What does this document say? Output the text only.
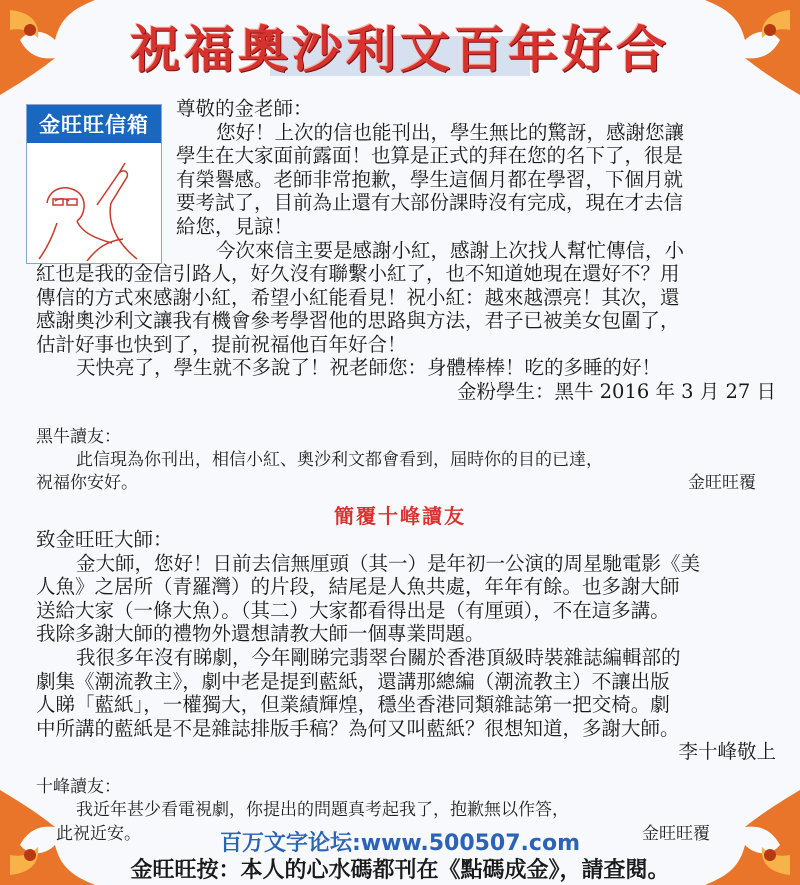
祝福奧沙利文百年好合
金旺旺信箱

尊敬的金老師：

您好！上次的信也能刊出，學生無比的驚訝，感謝您讓

學生在大家面前露面！也算是正式的拜在您的名下了，很是

有榮譽感。老師非常抱歉，學生這個月都在學習，下個月就

要考試了，目前為止還有大部份課時沒有完成，現在才去信

給您，見諒！

今次來信主要是感謝小紅，感謝上次找人幫忙傳信，小

紅也是我的金信引路人，好久沒有聯繫小紅了，也不知道她現在還好不？用

傳信的方式來感謝小紅，希望小紅能看見！祝小紅：越來越漂亮！其次，還

感謝奧沙利文讓我有機會參考學習他的思路與方法，君子已被美女包圍了，

估計好事也快到了，提前祝福他百年好合！

天快亮了，學生就不多說了！祝老師您：身體棒棒！吃的多睡的好！

金粉學生：黑牛 2016 年 3 月 27 日

黑牛讀友：

此信現為你刊出，相信小紅、奧沙利文都會看到，屆時你的目的已達，

祝福你安好。	金旺旺覆

簡覆十峰讀友

致金旺旺大師：

金大師，您好！日前去信無厘頭（其一）是年初一公演的周星馳電影《美

人魚》之居所（青羅灣）的片段，結尾是人魚共處，年年有餘。也多謝大師

送給大家（一條大魚）。（其二）大家都看得出是（有厘頭），不在這多講。

我除多謝大師的禮物外還想請教大師一個專業問題。

我很多年沒有睇劇，今年剛睇完翡翠台關於香港頂級時裝雜誌編輯部的

劇集《潮流教主》，劇中老是提到藍紙，還講那總編（潮流教主）不讓出版

人睇「藍紙」，一權獨大，但業績輝煌，穩坐香港同類雜誌第一把交椅。劇

中所講的藍紙是不是雜誌排版手稿？為何又叫藍紙？很想知道，多謝大師。

李十峰敬上

十峰讀友：

我近年甚少看電視劇，你提出的問題真考起我了，抱歉無以作答，

此祝近安。	金旺旺覆

百万文字论坛:www.500507.com
金旺旺按：本人的心水碼都刊在《點碼成金》，請查閱。
